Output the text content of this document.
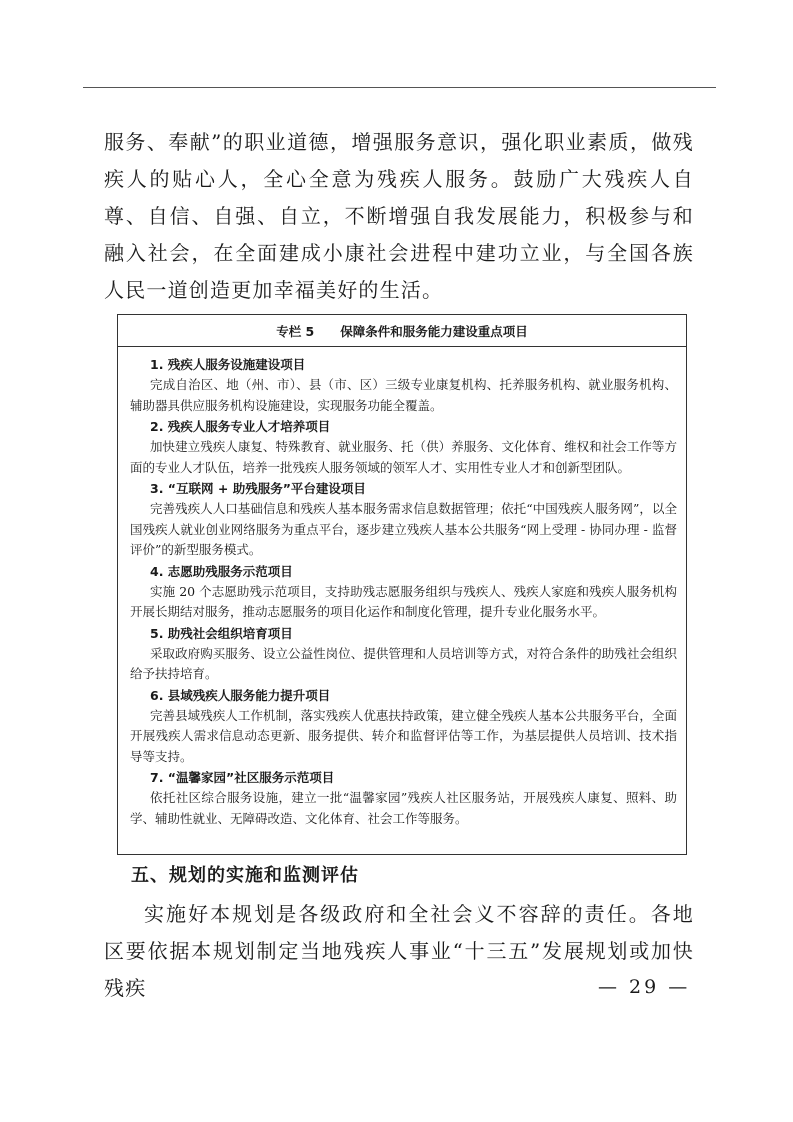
服务、奉献”的职业道德，增强服务意识，强化职业素质，做残疾人的贴心人，全心全意为残疾人服务。鼓励广大残疾人自尊、自信、自强、自立，不断增强自我发展能力，积极参与和融入社会，在全面建成小康社会进程中建功立业，与全国各族人民一道创造更加幸福美好的生活。
专栏 5 保障条件和服务能力建设重点项目
1. 残疾人服务设施建设项目
完成自治区、地（州、市）、县（市、区）三级专业康复机构、托养服务机构、就业服务机构、辅助器具供应服务机构设施建设，实现服务功能全覆盖。
2. 残疾人服务专业人才培养项目
加快建立残疾人康复、特殊教育、就业服务、托（供）养服务、文化体育、维权和社会工作等方面的专业人才队伍，培养一批残疾人服务领域的领军人才、实用性专业人才和创新型团队。
3. “互联网 + 助残服务”平台建设项目
完善残疾人人口基础信息和残疾人基本服务需求信息数据管理；依托“中国残疾人服务网”，以全国残疾人就业创业网络服务为重点平台，逐步建立残疾人基本公共服务“网上受理 - 协同办理 - 监督评价”的新型服务模式。
4. 志愿助残服务示范项目
实施 20 个志愿助残示范项目，支持助残志愿服务组织与残疾人、残疾人家庭和残疾人服务机构开展长期结对服务，推动志愿服务的项目化运作和制度化管理，提升专业化服务水平。
5. 助残社会组织培育项目
采取政府购买服务、设立公益性岗位、提供管理和人员培训等方式，对符合条件的助残社会组织给予扶持培育。
6. 县域残疾人服务能力提升项目
完善县域残疾人工作机制，落实残疾人优惠扶持政策，建立健全残疾人基本公共服务平台，全面开展残疾人需求信息动态更新、服务提供、转介和监督评估等工作，为基层提供人员培训、技术指导等支持。
7. “温馨家园”社区服务示范项目
依托社区综合服务设施，建立一批“温馨家园”残疾人社区服务站，开展残疾人康复、照料、助学、辅助性就业、无障碍改造、文化体育、社会工作等服务。
五、规划的实施和监测评估
实施好本规划是各级政府和全社会义不容辞的责任。各地区要依据本规划制定当地残疾人事业“十三五”发展规划或加快残疾	— 29 —
